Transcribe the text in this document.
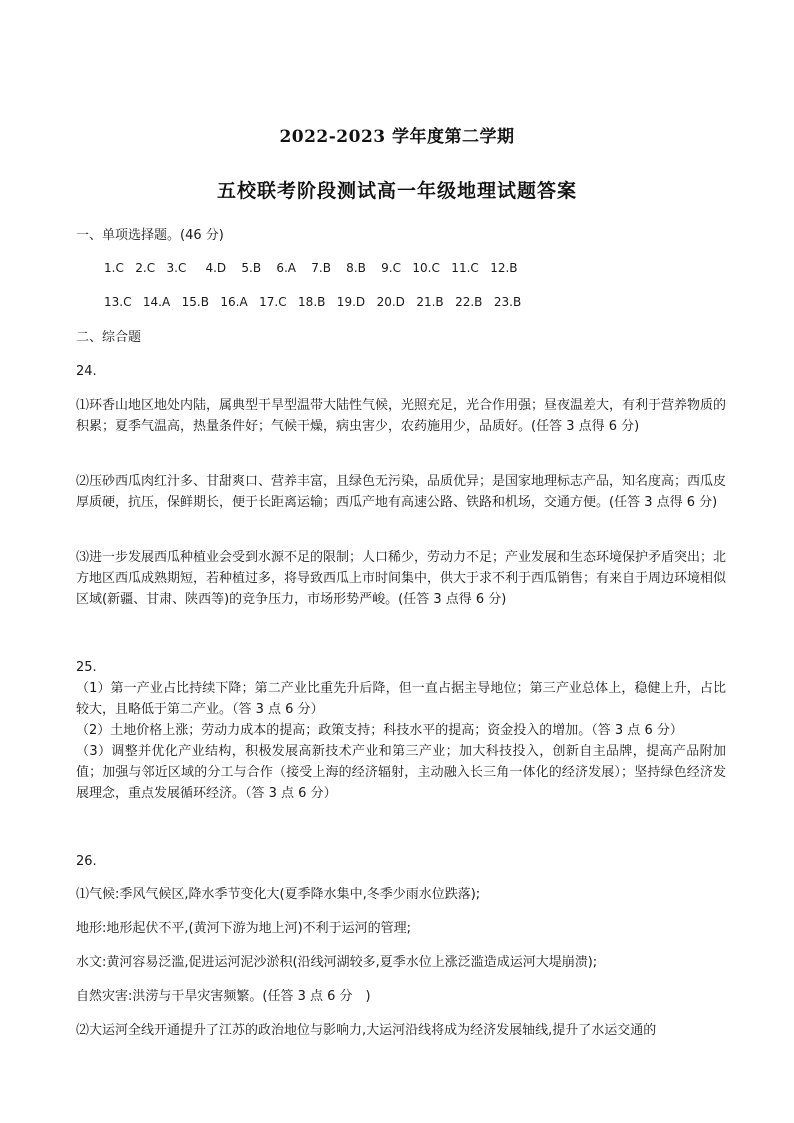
2022-2023 学年度第二学期
五校联考阶段测试高一年级地理试题答案
一、单项选择题。(46 分)
1.C   2.C   3.C     4.D    5.B    6.A    7.B    8.B    9.C   10.C   11.C   12.B
13.C   14.A   15.B   16.A   17.C   18.B   19.D   20.D   21.B   22.B   23.B
二、综合题
24.
⑴环香山地区地处内陆，属典型干旱型温带大陆性气候，光照充足，光合作用强；昼夜温差大，有利于营养物质的积累；夏季气温高，热量条件好；气候干燥，病虫害少，农药施用少，品质好。(任答 3 点得 6 分)
⑵压砂西瓜肉红汁多、甘甜爽口、营养丰富，且绿色无污染，品质优异；是国家地理标志产品，知名度高；西瓜皮厚质硬，抗压，保鲜期长，便于长距离运输；西瓜产地有高速公路、铁路和机场，交通方便。(任答 3 点得 6 分)
⑶进一步发展西瓜种植业会受到水源不足的限制；人口稀少，劳动力不足；产业发展和生态环境保护矛盾突出；北方地区西瓜成熟期短，若种植过多，将导致西瓜上市时间集中，供大于求不利于西瓜销售；有来自于周边环境相似区域(新疆、甘肃、陕西等)的竞争压力，市场形势严峻。(任答 3 点得 6 分)
25.
（1）第一产业占比持续下降；第二产业比重先升后降，但一直占据主导地位；第三产业总体上，稳健上升，占比较大，且略低于第二产业。（答 3 点 6 分）
（2）土地价格上涨；劳动力成本的提高；政策支持；科技水平的提高；资金投入的增加。（答 3 点 6 分）
（3）调整并优化产业结构，积极发展高新技术产业和第三产业；加大科技投入，创新自主品牌，提高产品附加值；加强与邻近区域的分工与合作（接受上海的经济辐射，主动融入长三角一体化的经济发展）；坚持绿色经济发展理念，重点发展循环经济。（答 3 点 6 分）
26.
⑴气候:季风气候区,降水季节变化大(夏季降水集中,冬季少雨水位跌落);
地形:地形起伏不平,(黄河下游为地上河)不利于运河的管理;
水文:黄河容易泛滥,促进运河泥沙淤积(沿线河湖较多,夏季水位上涨泛滥造成运河大堤崩溃);
自然灾害:洪涝与干旱灾害频繁。(任答 3 点 6 分　)
⑵大运河全线开通提升了江苏的政治地位与影响力,大运河沿线将成为经济发展轴线,提升了水运交通的
